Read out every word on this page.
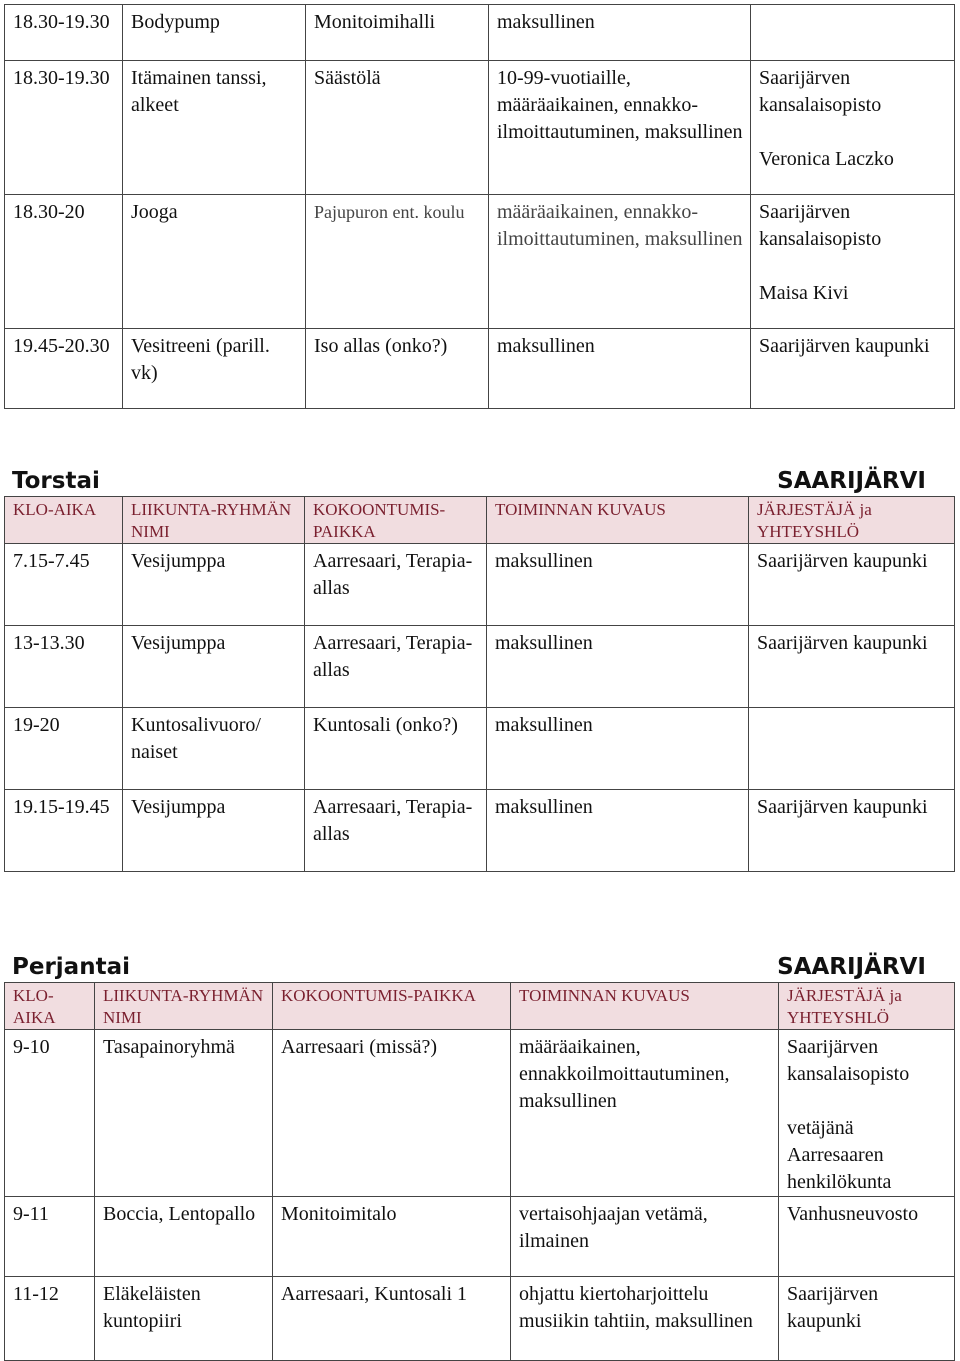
18.30-19.30	Bodypump	Monitoimihalli	maksullinen	
18.30-19.30	Itämainen tanssi, alkeet	Säästölä	10-99-vuotiaille, määräaikainen, ennakko-ilmoittautuminen, maksullinen	Saarijärven kansalaisopisto
Veronica Laczko

18.30-20	Jooga	Pajupuron ent. koulu	määräaikainen, ennakko-ilmoittautuminen, maksullinen	Saarijärven kansalaisopisto
Maisa Kivi

19.45-20.30	Vesitreeni (parill. vk)	Iso allas (onko?)	maksullinen	Saarijärven kaupunki
Torstai	SAARIJÄRVI
KLO-AIKA	LIIKUNTA-RYHMÄN NIMI	KOKOONTUMIS-PAIKKA	TOIMINNAN KUVAUS	JÄRJESTÄJÄ ja YHTEYSHLÖ
7.15-7.45	Vesijumppa	Aarresaari, Terapia-allas	maksullinen	Saarijärven kaupunki
13-13.30	Vesijumppa	Aarresaari, Terapia-allas	maksullinen	Saarijärven kaupunki
19-20	Kuntosalivuoro/ naiset	Kuntosali (onko?)	maksullinen	
19.15-19.45	Vesijumppa	Aarresaari, Terapia-allas	maksullinen	Saarijärven kaupunki
Perjantai	SAARIJÄRVI
KLO-AIKA	LIIKUNTA-RYHMÄN NIMI	KOKOONTUMIS-PAIKKA	TOIMINNAN KUVAUS	JÄRJESTÄJÄ ja YHTEYSHLÖ
9-10	Tasapainoryhmä	Aarresaari (missä?)	määräaikainen, ennakkoilmoittautuminen, maksullinen	Saarijärven kansalaisopisto
vetäjänä Aarresaaren henkilökunta

9-11	Boccia, Lentopallo	Monitoimitalo	vertaisohjaajan vetämä, ilmainen	Vanhusneuvosto
11-12	Eläkeläisten kuntopiiri	Aarresaari, Kuntosali 1	ohjattu kiertoharjoittelu musiikin tahtiin, maksullinen	Saarijärven kaupunki
